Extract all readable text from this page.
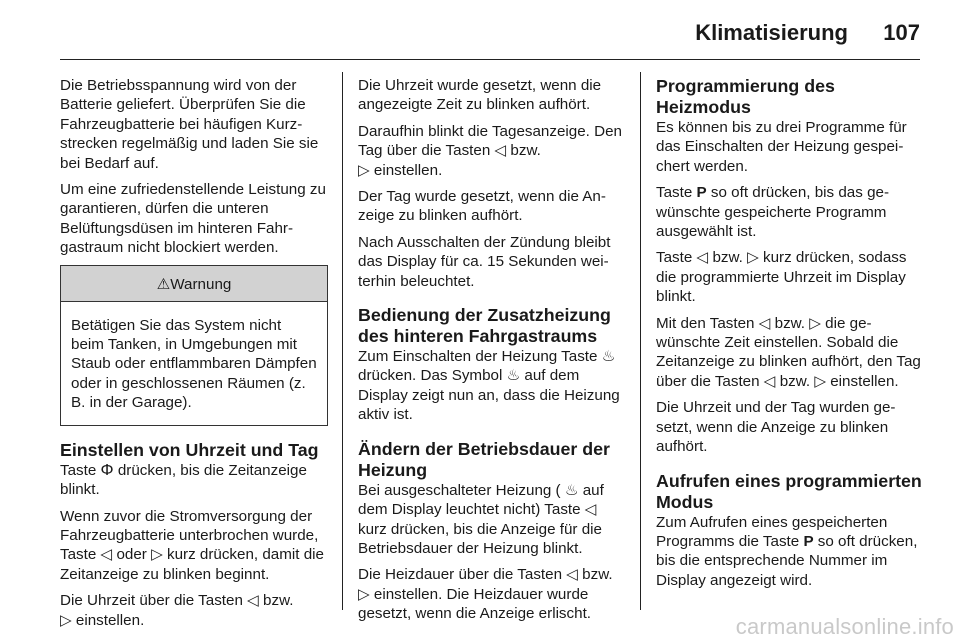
Klimatisierung 107

Die Betriebsspannung wird von der Batterie geliefert. Überprüfen Sie die Fahrzeugbatterie bei häufigen Kurzstrecken regelmäßig und laden Sie sie bei Bedarf auf.

Um eine zufriedenstellende Leistung zu garantieren, dürfen die unteren Belüftungsdüsen im hinteren Fahrgastraum nicht blockiert werden.

⚠Warnung
Betätigen Sie das System nicht beim Tanken, in Umgebungen mit Staub oder entflammbaren Dämpfen oder in geschlossenen Räumen (z. B. in der Garage).
Einstellen von Uhrzeit und Tag

Taste Ф drücken, bis die Zeitanzeige blinkt.

Wenn zuvor die Stromversorgung der Fahrzeugbatterie unterbrochen wurde, Taste ◁ oder ▷ kurz drücken, damit die Zeitanzeige zu blinken beginnt.

Die Uhrzeit über die Tasten ◁ bzw.
▷ einstellen.

Die Uhrzeit wurde gesetzt, wenn die angezeigte Zeit zu blinken aufhört.

Daraufhin blinkt die Tagesanzeige. Den Tag über die Tasten ◁ bzw.
▷ einstellen.

Der Tag wurde gesetzt, wenn die Anzeige zu blinken aufhört.

Nach Ausschalten der Zündung bleibt das Display für ca. 15 Sekunden weiterhin beleuchtet.

Bedienung der Zusatzheizung des hinteren Fahrgastraums

Zum Einschalten der Heizung Taste ♨ drücken. Das Symbol ♨ auf dem Display zeigt nun an, dass die Heizung aktiv ist.

Ändern der Betriebsdauer der Heizung

Bei ausgeschalteter Heizung ( ♨ auf dem Display leuchtet nicht) Taste ◁ kurz drücken, bis die Anzeige für die Betriebsdauer der Heizung blinkt.

Die Heizdauer über die Tasten ◁ bzw. ▷ einstellen. Die Heizdauer wurde gesetzt, wenn die Anzeige erlischt.

Programmierung des Heizmodus

Es können bis zu drei Programme für das Einschalten der Heizung gespeichert werden.

Taste P so oft drücken, bis das gewünschte gespeicherte Programm ausgewählt ist.

Taste ◁ bzw. ▷ kurz drücken, sodass die programmierte Uhrzeit im Display blinkt.

Mit den Tasten ◁ bzw. ▷ die gewünschte Zeit einstellen. Sobald die Zeitanzeige zu blinken aufhört, den Tag über die Tasten ◁ bzw. ▷ einstellen.

Die Uhrzeit und der Tag wurden gesetzt, wenn die Anzeige zu blinken aufhört.

Aufrufen eines programmierten Modus

Zum Aufrufen eines gespeicherten Programms die Taste P so oft drücken, bis die entsprechende Nummer im Display angezeigt wird.

carmanualsonline.info
